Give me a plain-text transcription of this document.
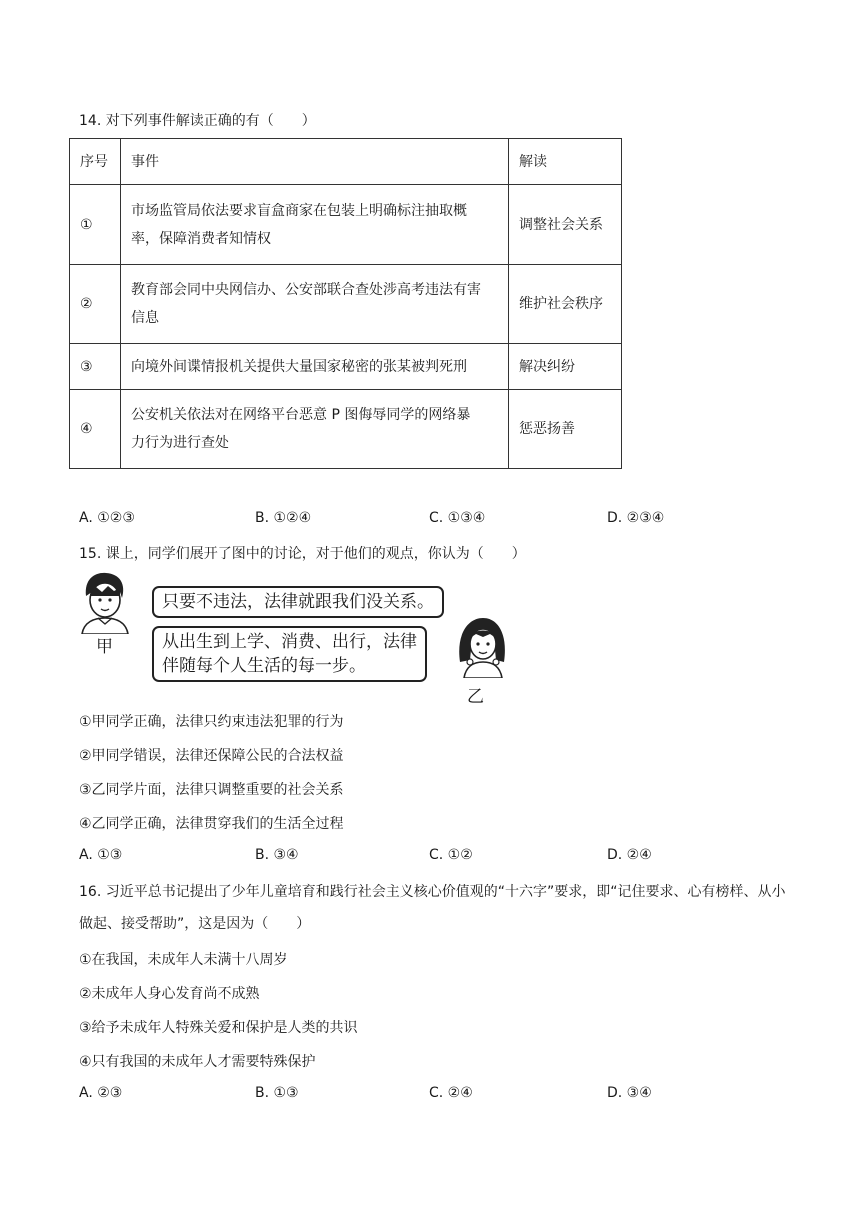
14. 对下列事件解读正确的有（　　）
序号	事件	解读
①	市场监管局依法要求盲盒商家在包装上明确标注抽取概
率，保障消费者知情权	调整社会关系
②	教育部会同中央网信办、公安部联合查处涉高考违法有害
信息	维护社会秩序
③	向境外间谍情报机关提供大量国家秘密的张某被判死刑	解决纠纷
④	公安机关依法对在网络平台恶意 P 图侮辱同学的网络暴
力行为进行查处	惩恶扬善
A. ①②③	B. ①②④	C. ①③④	D. ②③④
15. 课上，同学们展开了图中的讨论，对于他们的观点，你认为（　　）
甲
只要不违法，法律就跟我们没关系。
从出生到上学、消费、出行，法律
伴随每个人生活的每一步。
乙
①甲同学正确，法律只约束违法犯罪的行为
②甲同学错误，法律还保障公民的合法权益
③乙同学片面，法律只调整重要的社会关系
④乙同学正确，法律贯穿我们的生活全过程
A. ①③	B. ③④	C. ①②	D. ②④
16. 习近平总书记提出了少年儿童培育和践行社会主义核心价值观的“十六字”要求，即“记住要求、心有榜样、从小做起、接受帮助”，这是因为（　　）
①在我国，未成年人未满十八周岁
②未成年人身心发育尚不成熟
③给予未成年人特殊关爱和保护是人类的共识
④只有我国的未成年人才需要特殊保护
A. ②③	B. ①③	C. ②④	D. ③④
